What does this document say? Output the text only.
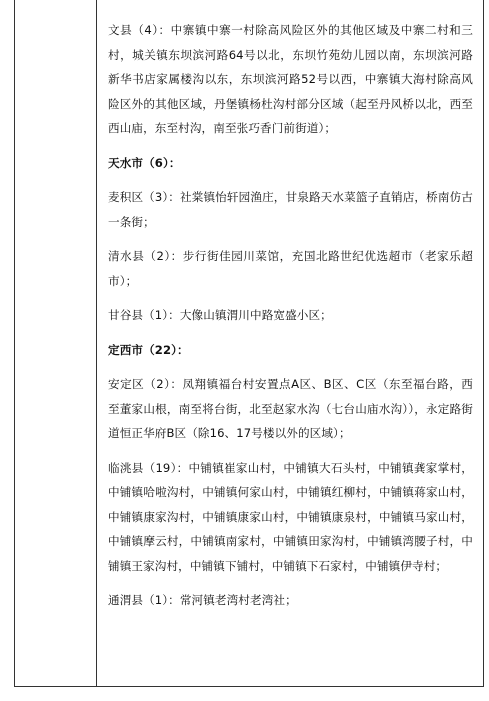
文县（4）：中寨镇中寨一村除高风险区外的其他区域及中寨二村和三村，城关镇东坝滨河路64号以北，东坝竹苑幼儿园以南，东坝滨河路新华书店家属楼沟以东，东坝滨河路52号以西，中寨镇大海村除高风险区外的其他区域，丹堡镇杨杜沟村部分区域（起至丹风桥以北，西至西山庙，东至村沟，南至张巧香门前街道）；

天水市（6）：

麦积区（3）：社棠镇怡轩园渔庄，甘泉路天水菜篮子直销店，桥南仿古一条街；

清水县（2）：步行街佳园川菜馆，充国北路世纪优选超市（老家乐超市）；

甘谷县（1）：大像山镇渭川中路宽盛小区；

定西市（22）：

安定区（2）：凤翔镇福台村安置点A区、B区、C区（东至福台路，西至董家山根，南至将台街，北至赵家水沟（七台山庙水沟）），永定路街道恒正华府B区（除16、17号楼以外的区域）；

临洮县（19）：中铺镇崔家山村，中铺镇大石头村，中铺镇龚家掌村，中铺镇哈啦沟村，中铺镇何家山村，中铺镇红柳村，中铺镇蒋家山村，中铺镇康家沟村，中铺镇康家山村，中铺镇康泉村，中铺镇马家山村，中铺镇摩云村，中铺镇南家村，中铺镇田家沟村，中铺镇湾腰子村，中铺镇王家沟村，中铺镇下铺村，中铺镇下石家村，中铺镇伊寺村；

通渭县（1）：常河镇老湾村老湾社；
